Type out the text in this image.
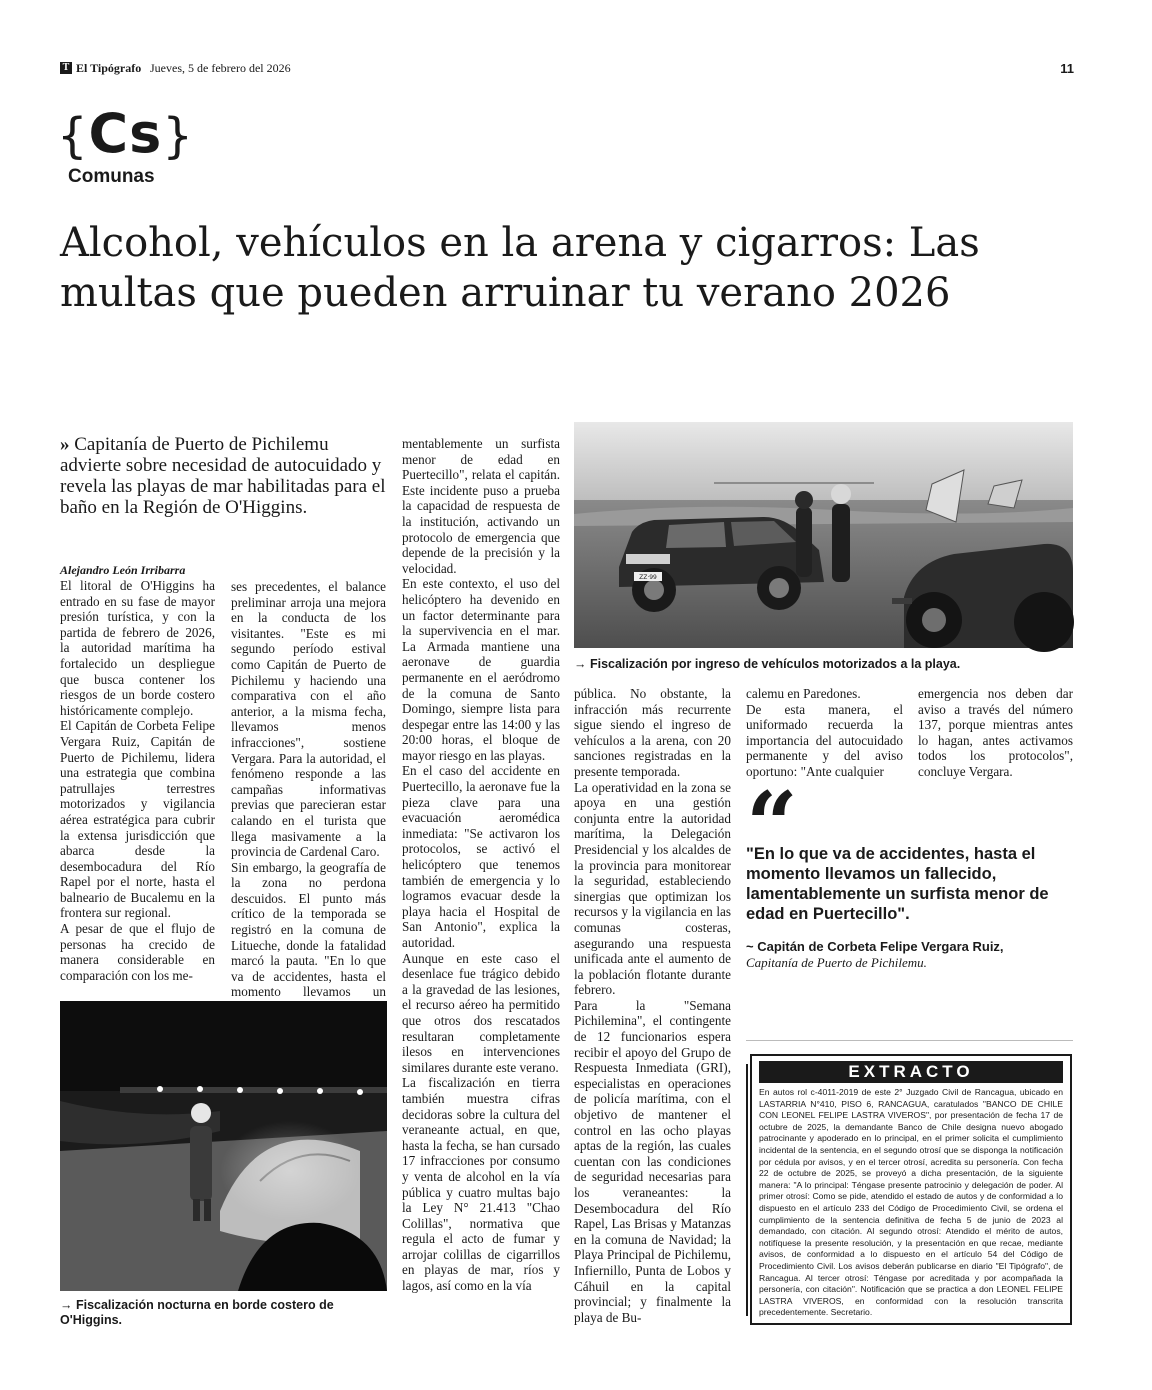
T El Tipógrafo Jueves, 5 de febrero del 2026	11
{Cs}
Comunas
Alcohol, vehículos en la arena y cigarros: Las multas que pueden arruinar tu verano 2026
» Capitanía de Puerto de Pichilemu advierte sobre necesidad de autocuidado y revela las playas de mar habilitadas para el baño en la Región de O'Higgins.
Alejandro León Irribarra

El litoral de O'Higgins ha entrado en su fase de mayor presión turística, y con la partida de febrero de 2026, la autoridad marítima ha fortalecido un despliegue que busca contener los riesgos de un borde costero históricamente complejo.

El Capitán de Corbeta Felipe Vergara Ruiz, Capitán de Puerto de Pichilemu, lidera una estrategia que combina patrullajes terrestres motorizados y vigilancia aérea estratégica para cubrir la extensa jurisdicción que abarca desde la desembocadura del Río Rapel por el norte, hasta el balneario de Bucalemu en la frontera sur regional.

A pesar de que el flujo de personas ha crecido de manera considerable en comparación con los me-

ses precedentes, el balance preliminar arroja una mejora en la conducta de los visitantes. "Este es mi segundo período estival como Capitán de Puerto de Pichilemu y haciendo una comparativa con el año anterior, a la misma fecha, llevamos menos infracciones", sostiene Vergara. Para la autoridad, el fenómeno responde a las campañas informativas previas que parecieran estar calando en el turista que llega masivamente a la provincia de Cardenal Caro.

Sin embargo, la geografía de la zona no perdona descuidos. El punto más crítico de la temporada se registró en la comuna de Litueche, donde la fatalidad marcó la pauta. "En lo que va de accidentes, hasta el momento llevamos un

mentablemente un surfista menor de edad en Puertecillo", relata el capitán. Este incidente puso a prueba la capacidad de respuesta de la institución, activando un protocolo de emergencia que depende de la precisión y la velocidad.

En este contexto, el uso del helicóptero ha devenido en un factor determinante para la supervivencia en el mar. La Armada mantiene una aeronave de guardia permanente en el aeródromo de la comuna de Santo Domingo, siempre lista para despegar entre las 14:00 y las 20:00 horas, el bloque de mayor riesgo en las playas.

En el caso del accidente en Puertecillo, la aeronave fue la pieza clave para una evacuación aeromédica inmediata: "Se activaron los protocolos, se activó el helicóptero que tenemos también de emergencia y lo logramos evacuar desde la playa hacia el Hospital de San Antonio", explica la autoridad.

Aunque en este caso el desenlace fue trágico debido a la gravedad de las lesiones, el recurso aéreo ha permitido que otros dos rescatados resultaran completamente ilesos en intervenciones similares durante este verano.

La fiscalización en tierra también muestra cifras decidoras sobre la cultura del veraneante actual, en que, hasta la fecha, se han cursado 17 infracciones por consumo y venta de alcohol en la vía pública y cuatro multas bajo la Ley N° 21.413 "Chao Colillas", normativa que regula el acto de fumar y arrojar colillas de cigarrillos en playas de mar, ríos y lagos, así como en la vía

pública. No obstante, la infracción más recurrente sigue siendo el ingreso de vehículos a la arena, con 20 sanciones registradas en la presente temporada.

La operatividad en la zona se apoya en una gestión conjunta entre la autoridad marítima, la Delegación Presidencial y los alcaldes de la provincia para monitorear la seguridad, estableciendo sinergias que optimizan los recursos y la vigilancia en las comunas costeras, asegurando una respuesta unificada ante el aumento de la población flotante durante febrero.

Para la "Semana Pichilemina", el contingente de 12 funcionarios espera recibir el apoyo del Grupo de Respuesta Inmediata (GRI), especialistas en operaciones de policía marítima, con el objetivo de mantener el control en las ocho playas aptas de la región, las cuales cuentan con las condiciones de seguridad necesarias para los veraneantes: la Desembocadura del Río Rapel, Las Brisas y Matanzas en la comuna de Navidad; la Playa Principal de Pichilemu, Infiernillo, Punta de Lobos y Cáhuil en la capital provincial; y finalmente la playa de Bu-

calemu en Paredones.

De esta manera, el uniformado recuerda la importancia del autocuidado permanente y del aviso oportuno: "Ante cualquier

emergencia nos deben dar aviso a través del número 137, porque mientras antes lo hagan, antes activamos todos los protocolos", concluye Vergara.

ZZ·99
→ Fiscalización por ingreso de vehículos motorizados a la playa.
→ Fiscalización nocturna en borde costero de O'Higgins.
“
"En lo que va de accidentes, hasta el momento llevamos un fallecido, lamentablemente un surfista menor de edad en Puertecillo".
~ Capitán de Corbeta Felipe Vergara Ruiz,
Capitanía de Puerto de Pichilemu.
EXTRACTO
En autos rol c-4011-2019 de este 2° Juzgado Civil de Rancagua, ubicado en LASTARRIA N°410, PISO 6, RANCAGUA, caratulados "BANCO DE CHILE CON LEONEL FELIPE LASTRA VIVEROS", por presentación de fecha 17 de octubre de 2025, la demandante Banco de Chile designa nuevo abogado patrocinante y apoderado en lo principal, en el primer solicita el cumplimiento incidental de la sentencia, en el segundo otrosí que se disponga la notificación por cédula por avisos, y en el tercer otrosí, acredita su personería. Con fecha 22 de octubre de 2025, se proveyó a dicha presentación, de la siguiente manera: "A lo principal: Téngase presente patrocinio y delegación de poder. Al primer otrosí: Como se pide, atendido el estado de autos y de conformidad a lo dispuesto en el artículo 233 del Código de Procedimiento Civil, se ordena el cumplimiento de la sentencia definitiva de fecha 5 de junio de 2023 al demandado, con citación. Al segundo otrosí: Atendido el mérito de autos, notifíquese la presente resolución, y la presentación en que recae, mediante avisos, de conformidad a lo dispuesto en el artículo 54 del Código de Procedimiento Civil. Los avisos deberán publicarse en diario "El Tipógrafo", de Rancagua. Al tercer otrosí: Téngase por acreditada y por acompañada la personería, con citación". Notificación que se practica a don LEONEL FELIPE LASTRA VIVEROS, en conformidad con la resolución transcrita precedentemente. Secretario.
